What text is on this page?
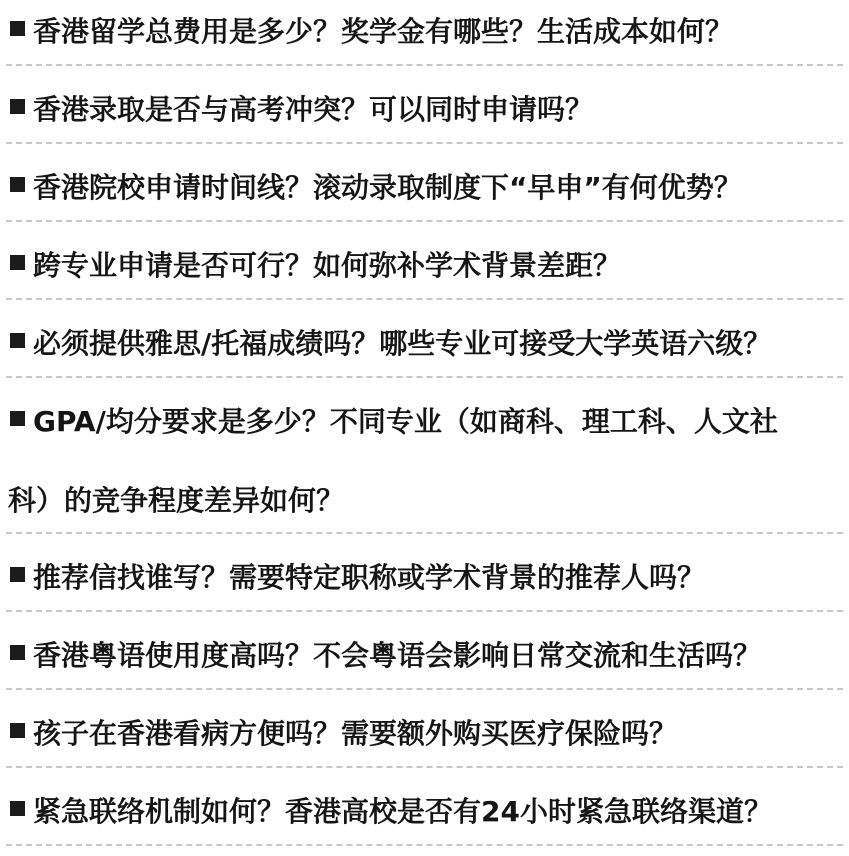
香港留学总费用是多少？奖学金有哪些？生活成本如何？
香港录取是否与高考冲突？可以同时申请吗？
香港院校申请时间线？滚动录取制度下“早申”有何优势？
跨专业申请是否可行？如何弥补学术背景差距？
必须提供雅思/托福成绩吗？哪些专业可接受大学英语六级？
GPA/均分要求是多少？不同专业（如商科、理工科、人文社
科）的竞争程度差异如何？
推荐信找谁写？需要特定职称或学术背景的推荐人吗？
香港粤语使用度高吗？不会粤语会影响日常交流和生活吗？
孩子在香港看病方便吗？需要额外购买医疗保险吗？
紧急联络机制如何？香港高校是否有24小时紧急联络渠道？
